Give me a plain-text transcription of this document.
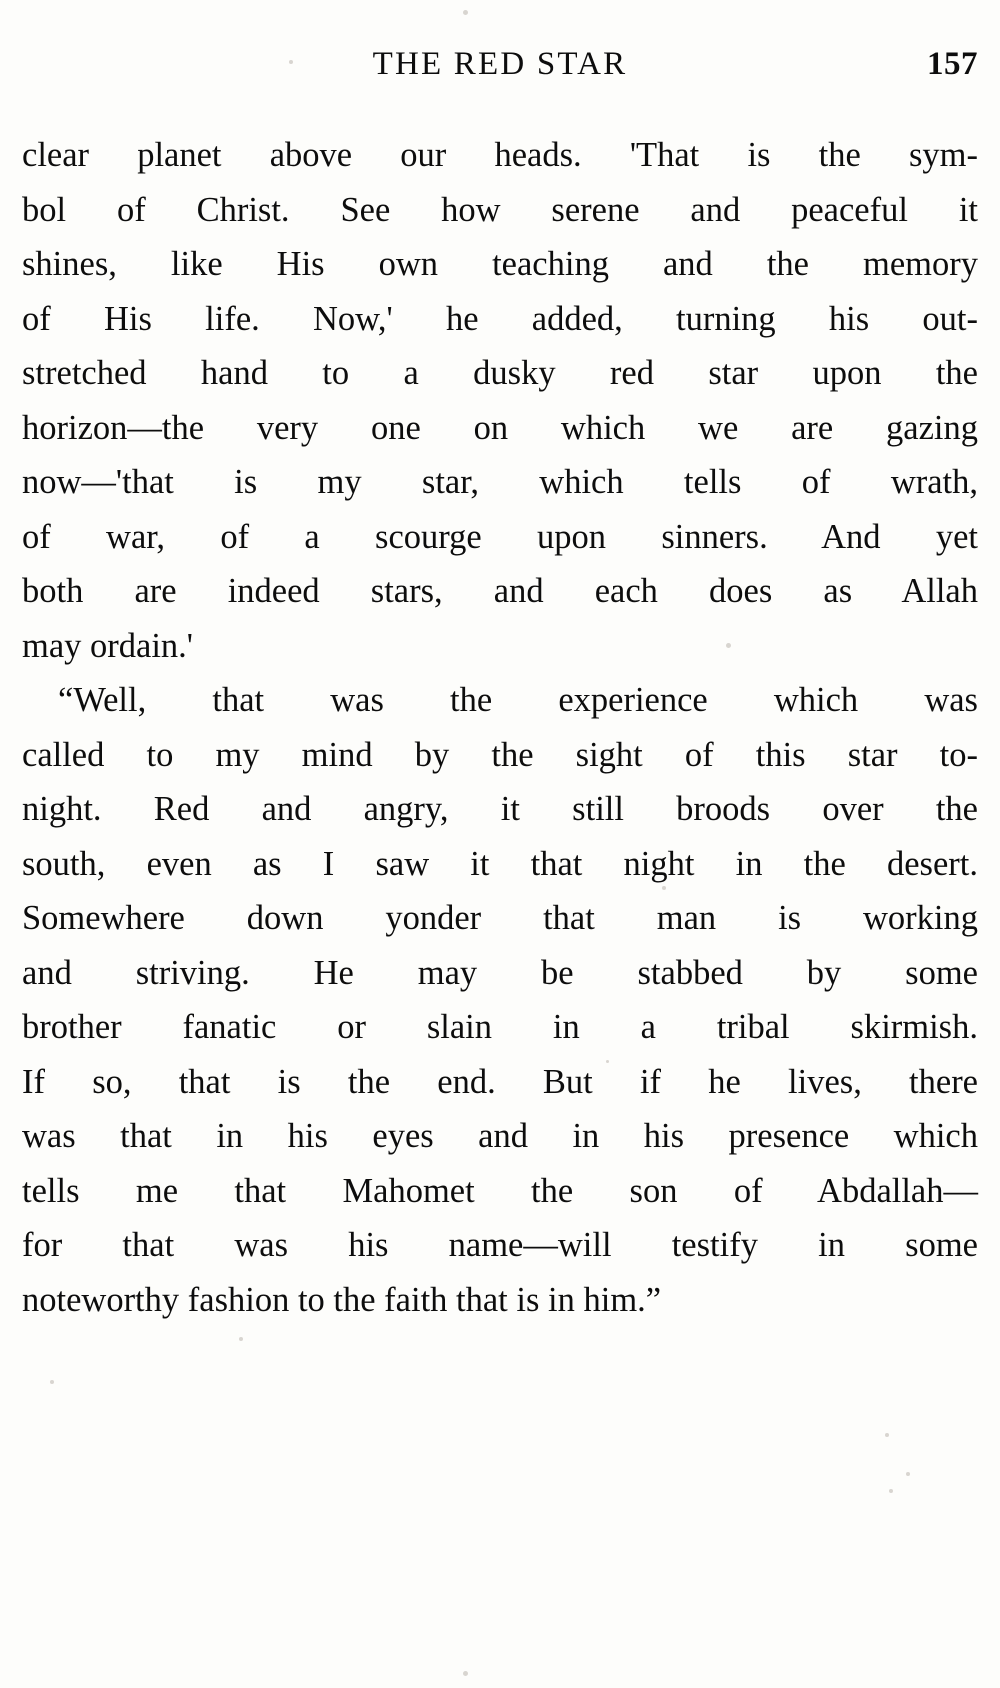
THE RED STAR	157

clear planet above our heads. 'That is the sym-
bol of Christ. See how serene and peaceful it
shines, like His own teaching and the memory
of His life. Now,' he added, turning his out-
stretched hand to a dusky red star upon the
horizon—the very one on which we are gazing
now—'that is my star, which tells of wrath,
of war, of a scourge upon sinners. And yet
both are indeed stars, and each does as Allah
may ordain.'

“Well, that was the experience which was
called to my mind by the sight of this star to-
night. Red and angry, it still broods over the
south, even as I saw it that night in the desert.
Somewhere down yonder that man is working
and striving. He may be stabbed by some
brother fanatic or slain in a tribal skirmish.
If so, that is the end. But if he lives, there
was that in his eyes and in his presence which
tells me that Mahomet the son of Abdallah—
for that was his name—will testify in some
noteworthy fashion to the faith that is in him.”
